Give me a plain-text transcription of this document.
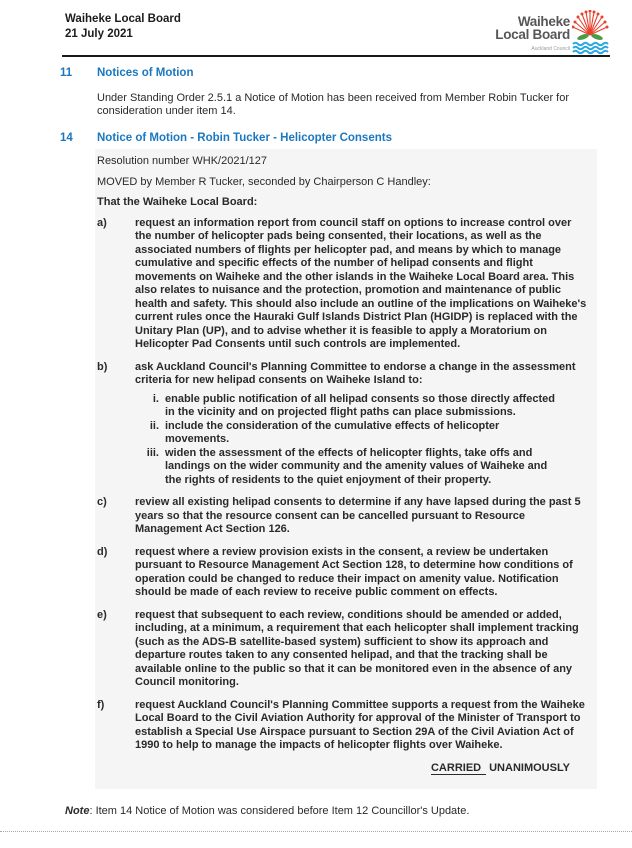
Waiheke Local Board
21 July 2021
Waiheke
Local Board
Auckland Council
11	Notices of Motion

Under Standing Order 2.5.1 a Notice of Motion has been received from Member Robin Tucker for consideration under item 14.

14	Notice of Motion - Robin Tucker - Helicopter Consents

Resolution number WHK/2021/127

MOVED by Member R Tucker, seconded by Chairperson C Handley:

That the Waiheke Local Board:

a)	request an information report from council staff on options to increase control over the number of helicopter pads being consented, their locations, as well as the associated numbers of flights per helicopter pad, and means by which to manage cumulative and specific effects of the number of helipad consents and flight movements on Waiheke and the other islands in the Waiheke Local Board area. This also relates to nuisance and the protection, promotion and maintenance of public health and safety. This should also include an outline of the implications on Waiheke's current rules once the Hauraki Gulf Islands District Plan (HGIDP) is replaced with the Unitary Plan (UP), and to advise whether it is feasible to apply a Moratorium on Helicopter Pad Consents until such controls are implemented.
b)	ask Auckland Council's Planning Committee to endorse a change in the assessment criteria for new helipad consents on Waiheke Island to:
i. enable public notification of all helipad consents so those directly affected in the vicinity and on projected flight paths can place submissions.
ii. include the consideration of the cumulative effects of helicopter movements.
iii. widen the assessment of the effects of helicopter flights, take offs and landings on the wider community and the amenity values of Waiheke and the rights of residents to the quiet enjoyment of their property.
c)	review all existing helipad consents to determine if any have lapsed during the past 5 years so that the resource consent can be cancelled pursuant to Resource Management Act Section 126.
d)	request where a review provision exists in the consent, a review be undertaken pursuant to Resource Management Act Section 128, to determine how conditions of operation could be changed to reduce their impact on amenity value. Notification should be made of each review to receive public comment on effects.
e)	request that subsequent to each review, conditions should be amended or added, including, at a minimum, a requirement that each helicopter shall implement tracking (such as the ADS-B satellite-based system) sufficient to show its approach and departure routes taken to any consented helipad, and that the tracking shall be available online to the public so that it can be monitored even in the absence of any Council monitoring.
f)	request Auckland Council's Planning Committee supports a request from the Waiheke Local Board to the Civil Aviation Authority for approval of the Minister of Transport to establish a Special Use Airspace pursuant to Section 29A of the Civil Aviation Act of 1990 to help to manage the impacts of helicopter flights over Waiheke.
CARRIED UNANIMOUSLY

Note: Item 14 Notice of Motion was considered before Item 12 Councillor's Update.
